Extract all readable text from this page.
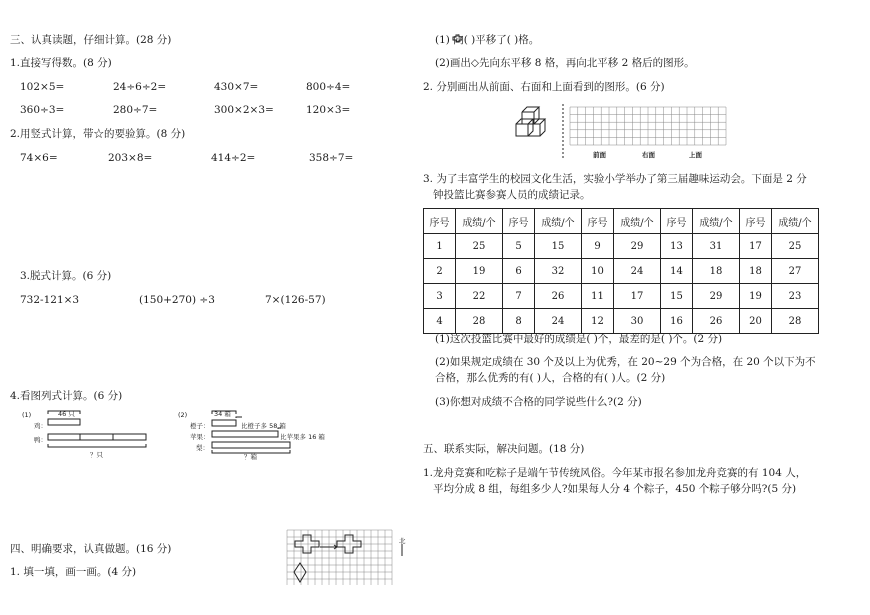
三、认真读题，仔细计算。(28 分)
1.直接写得数。(8 分)
102×5=	24÷6÷2=	430×7=	800÷4=
360÷3=	280÷7=	300×2×3=	120×3=
2.用竖式计算，带☆的要验算。(8 分)
74×6=	203×8=	414÷2=	358÷7=
3.脱式计算。(6 分)
732-121×3	(150+270) ÷3	7×(126-57)
4.看图列式计算。(6 分)
(1)	46 只
鸡：
鸭：
？只
(2)	34 箱
橙子：	比橙子多 58 箱
苹果：	比苹果多 16 箱
梨：
？箱
四、明确要求，认真做题。(16 分)
1. 填一填，画一画。(4 分)
北
(1) 向( )平移了( )格。
(2)画出◇先向东平移 8 格，再向北平移 2 格后的图形。
2. 分别画出从前面、右面和上面看到的图形。(6 分)
前面	右面	上面
3. 为了丰富学生的校园文化生活，实验小学举办了第三届趣味运动会。下面是 2 分
钟投篮比赛参赛人员的成绩记录。
序号	成绩/个	序号	成绩/个	序号	成绩/个	序号	成绩/个	序号	成绩/个
1	25	5	15	9	29	13	31	17	25
2	19	6	32	10	24	14	18	18	27
3	22	7	26	11	17	15	29	19	23
4	28	8	24	12	30	16	26	20	28
(1)这次投篮比赛中最好的成绩是( )个，最差的是( )个。(2 分)
(2)如果规定成绩在 30 个及以上为优秀，在 20~29 个为合格，在 20 个以下为不
合格，那么优秀的有( )人，合格的有( )人。(2 分)
(3)你想对成绩不合格的同学说些什么?(2 分)
五、联系实际，解决问题。(18 分)
1.龙舟竞赛和吃粽子是端午节传统风俗。今年某市报名参加龙舟竞赛的有 104 人，
平均分成 8 组，每组多少人?如果每人分 4 个粽子，450 个粽子够分吗?(5 分)
